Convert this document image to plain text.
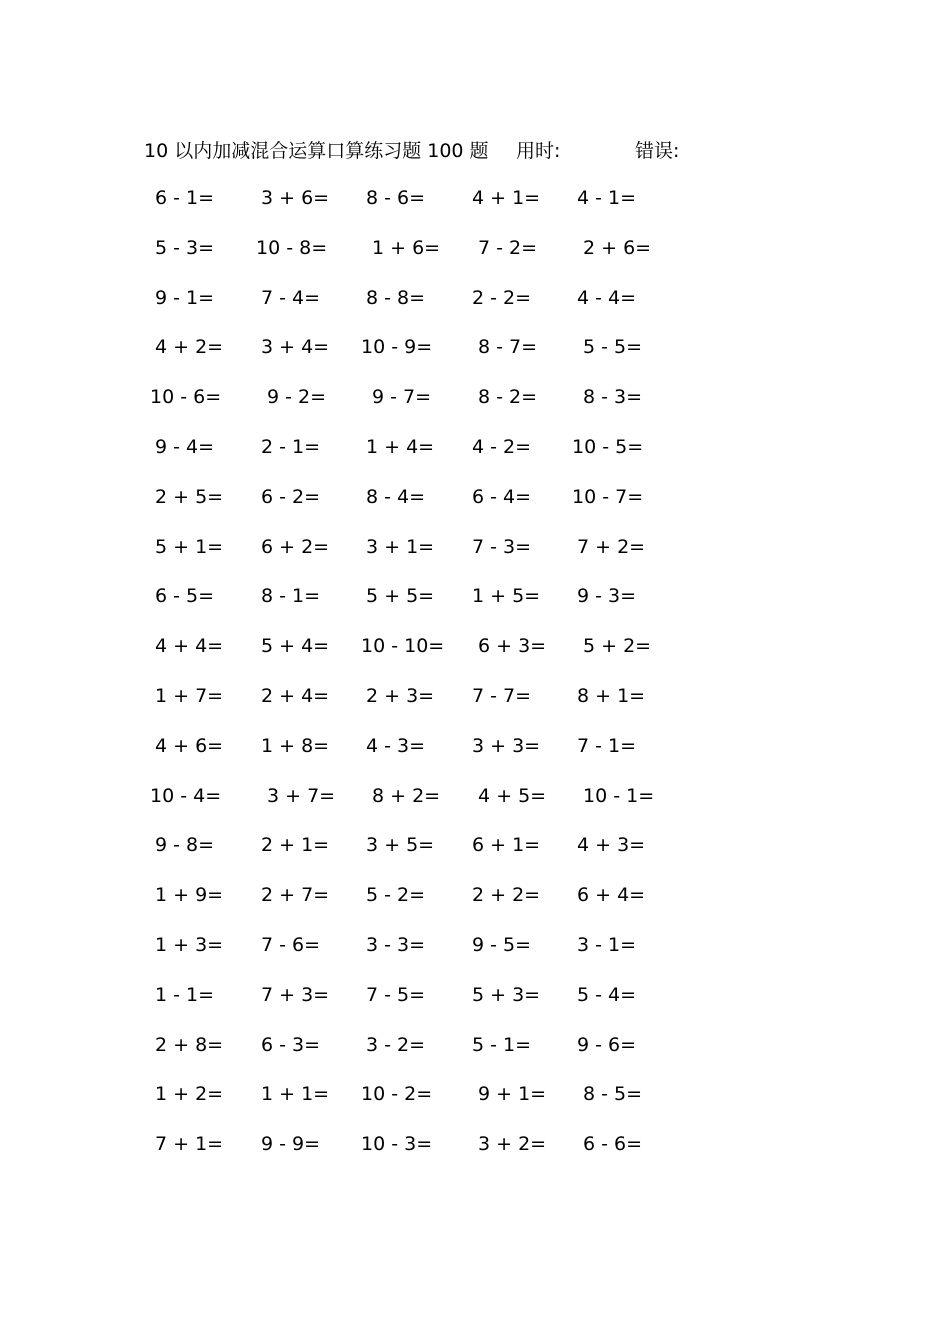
10 以内加减混合运算口算练习题 100 题 用时:	错误:
6 - 1= 3 + 6= 8 - 6= 4 + 1= 4 - 1=
5 - 3= 10 - 8= 1 + 6= 7 - 2= 2 + 6=
9 - 1= 7 - 4= 8 - 8= 2 - 2= 4 - 4=
4 + 2= 3 + 4= 10 - 9= 8 - 7= 5 - 5=
10 - 6= 9 - 2= 9 - 7= 8 - 2= 8 - 3=
9 - 4= 2 - 1= 1 + 4= 4 - 2= 10 - 5=
2 + 5= 6 - 2= 8 - 4= 6 - 4= 10 - 7=
5 + 1= 6 + 2= 3 + 1= 7 - 3= 7 + 2=
6 - 5= 8 - 1= 5 + 5= 1 + 5= 9 - 3=
4 + 4= 5 + 4= 10 - 10= 6 + 3= 5 + 2=
1 + 7= 2 + 4= 2 + 3= 7 - 7= 8 + 1=
4 + 6= 1 + 8= 4 - 3= 3 + 3= 7 - 1=
10 - 4= 3 + 7= 8 + 2= 4 + 5= 10 - 1=
9 - 8= 2 + 1= 3 + 5= 6 + 1= 4 + 3=
1 + 9= 2 + 7= 5 - 2= 2 + 2= 6 + 4=
1 + 3= 7 - 6= 3 - 3= 9 - 5= 3 - 1=
1 - 1= 7 + 3= 7 - 5= 5 + 3= 5 - 4=
2 + 8= 6 - 3= 3 - 2= 5 - 1= 9 - 6=
1 + 2= 1 + 1= 10 - 2= 9 + 1= 8 - 5=
7 + 1= 9 - 9= 10 - 3= 3 + 2= 6 - 6=
